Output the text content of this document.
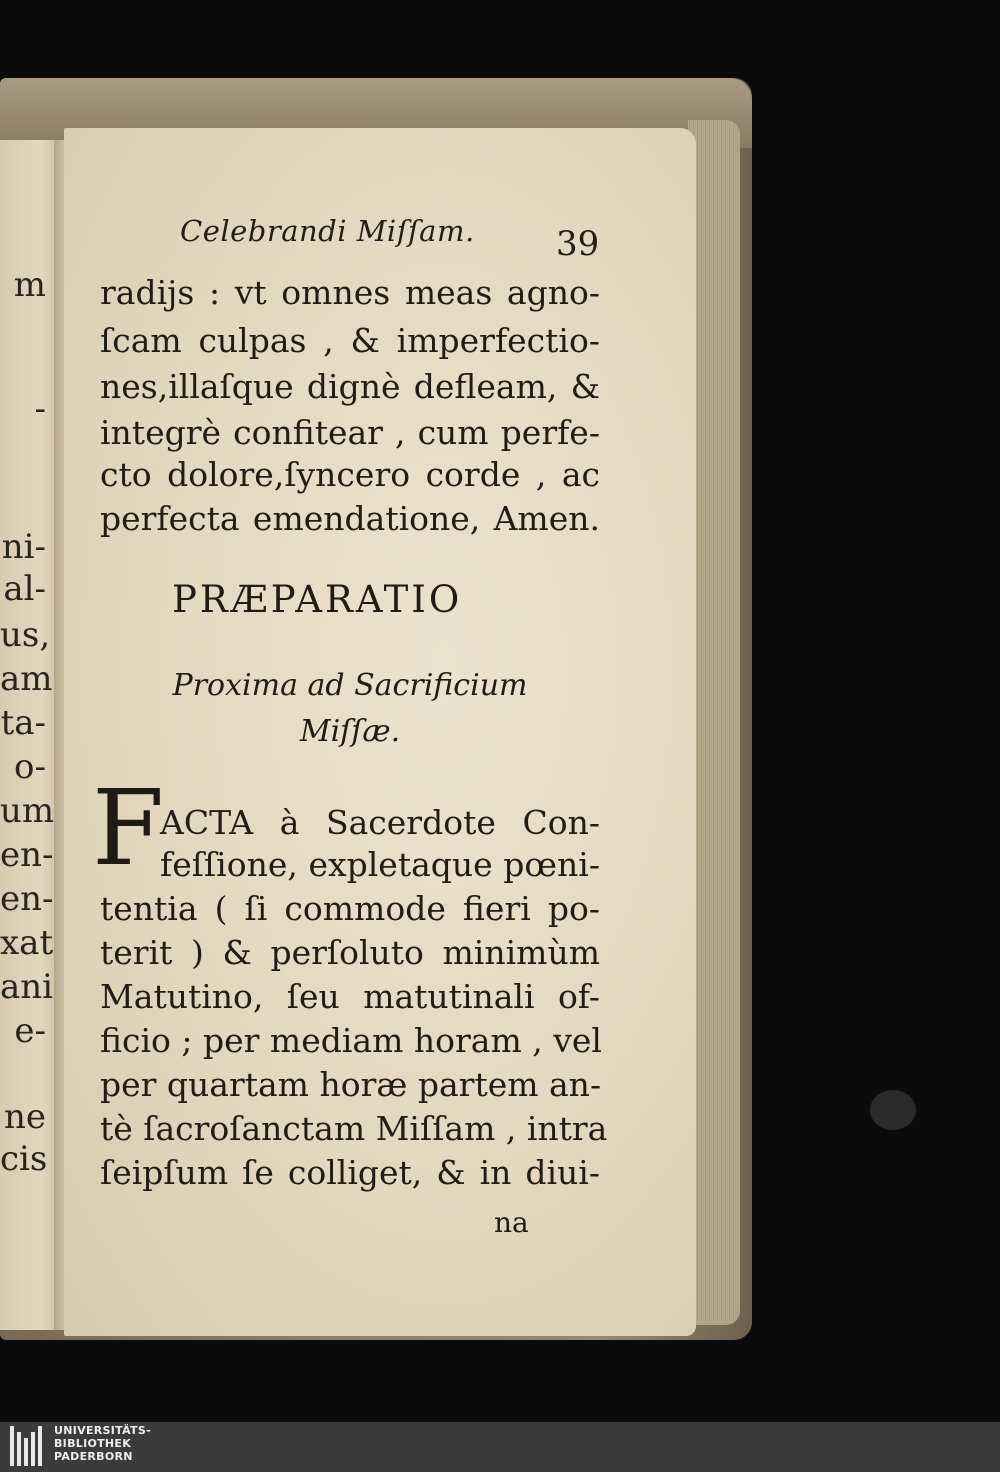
m
-
ni-
al-
us,
am
ta-
o-
um
en-
en-
xat
ani
e-
ne
cis
Celebrandi Miſſam. 39
radijs : vt omnes meas agno-
ſcam culpas , & imperfectio-
nes,illaſque dignè defleam, &
integrè confitear , cum perfe-
cto dolore,ſyncero corde , ac
perfecta emendatione, Amen.
PRÆPARATIO
Proxima ad Sacrificium
Miſſæ.
F
ACTA à Sacerdote Con-
feſſione, expletaque pœni-
tentia ( ſi commode fieri po-
terit ) & perſoluto minimùm
Matutino, ſeu matutinali of-
ficio ; per mediam horam , vel
per quartam horæ partem an-
tè ſacroſanctam Miſſam , intra
ſeipſum ſe colliget, & in diui-
na
UNIVERSITÄTS-
BIBLIOTHEK
PADERBORN
